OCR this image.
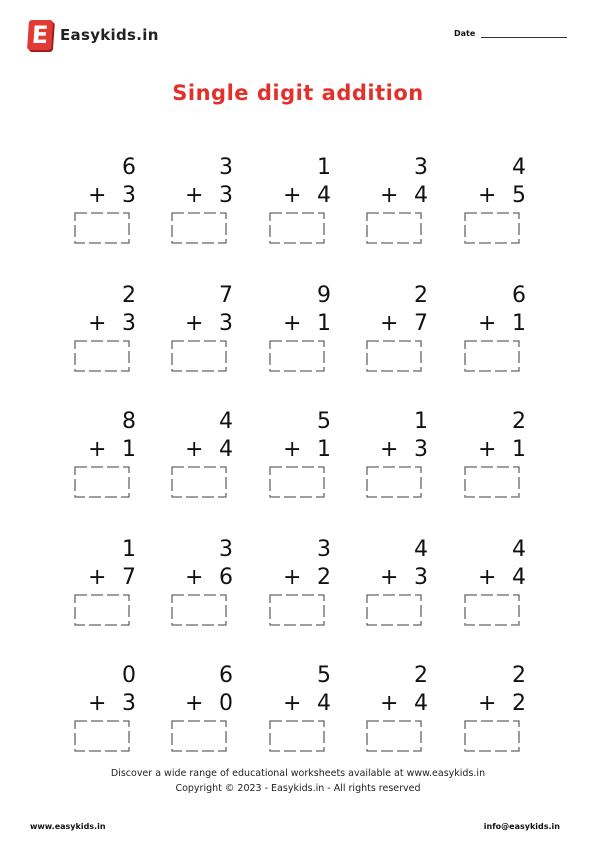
E Easykids.in	Date
Single digit addition
6
+ 3
3
+ 3
1
+ 4
3
+ 4
4
+ 5
2
+ 3
7
+ 3
9
+ 1
2
+ 7
6
+ 1
8
+ 1
4
+ 4
5
+ 1
1
+ 3
2
+ 1
1
+ 7
3
+ 6
3
+ 2
4
+ 3
4
+ 4
0
+ 3
6
+ 0
5
+ 4
2
+ 4
2
+ 2
Discover a wide range of educational worksheets available at www.easykids.in
Copyright © 2023 - Easykids.in - All rights reserved
www.easykids.in	info@easykids.in
